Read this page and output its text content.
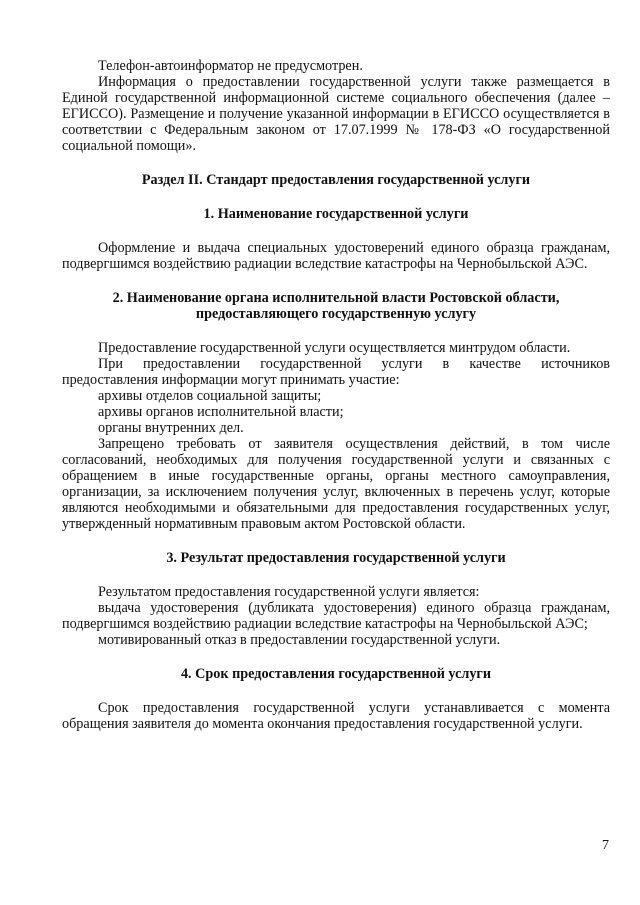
Телефон-автоинформатор не предусмотрен.

Информация о предоставлении государственной услуги также размещается в Единой государственной информационной системе социального обеспечения (далее – ЕГИССО). Размещение и получение указанной информации в ЕГИССО осуществляется в соответствии с Федеральным законом от 17.07.1999 № 178-ФЗ «О государственной социальной помощи».

Раздел II. Стандарт предоставления государственной услуги
1. Наименование государственной услуги

Оформление и выдача специальных удостоверений единого образца гражданам, подвергшимся воздействию радиации вследствие катастрофы на Чернобыльской АЭС.

2. Наименование органа исполнительной власти Ростовской области,
предоставляющего государственную услугу

Предоставление государственной услуги осуществляется минтрудом области.

При предоставлении государственной услуги в качестве источников предоставления информации могут принимать участие:

архивы отделов социальной защиты;

архивы органов исполнительной власти;

органы внутренних дел.

Запрещено требовать от заявителя осуществления действий, в том числе согласований, необходимых для получения государственной услуги и связанных с обращением в иные государственные органы, органы местного самоуправления, организации, за исключением получения услуг, включенных в перечень услуг, которые являются необходимыми и обязательными для предоставления государственных услуг, утвержденный нормативным правовым актом Ростовской области.

3. Результат предоставления государственной услуги

Результатом предоставления государственной услуги является:

выдача удостоверения (дубликата удостоверения) единого образца гражданам, подвергшимся воздействию радиации вследствие катастрофы на Чернобыльской АЭС;

мотивированный отказ в предоставлении государственной услуги.

4. Срок предоставления государственной услуги

Срок предоставления государственной услуги устанавливается с момента обращения заявителя до момента окончания предоставления государственной услуги.

7
